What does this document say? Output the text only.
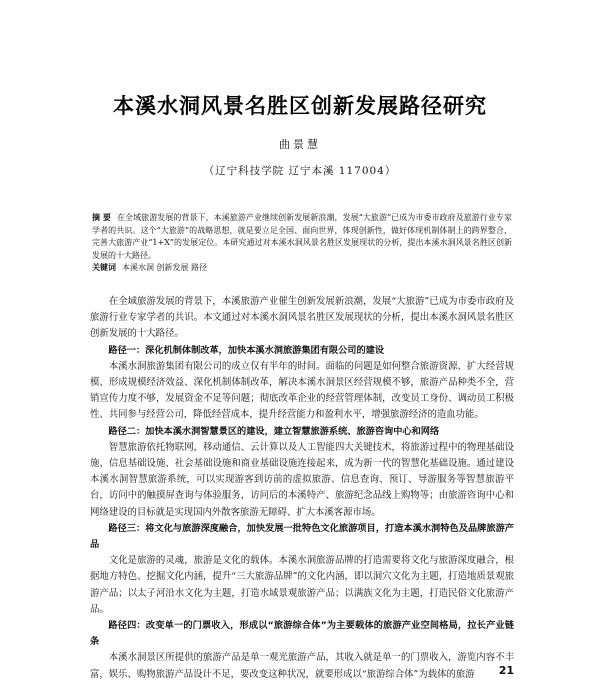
本溪水洞风景名胜区创新发展路径研究
曲景慧
（辽宁科技学院 辽宁本溪 117004）
摘 要 在全域旅游发展的背景下，本溪旅游产业继续创新发展新浪潮，发展“大旅游”已成为市委市政府及旅游行业专家学者的共识。这个“大旅游”的战略思想，就是要立足全国、面向世界，体现创新性，做好体现机制体制上的跨界整合，完善大旅游产业“1+X”的发展定位。本研究通过对本溪水洞风景名胜区发展现状的分析，提出本溪水洞风景名胜区创新发展的十大路径。
关键词 本溪水洞 创新发展 路径

在全域旅游发展的背景下，本溪旅游产业催生创新发展新浪潮，发展“大旅游”已成为市委市政府及旅游行业专家学者的共识。本文通过对本溪水洞风景名胜区发展现状的分析，提出本溪水洞风景名胜区创新发展的十大路径。

路径一：深化机制体制改革，加快本溪水洞旅游集团有限公司的建设

本溪水洞旅游集团有限公司的成立仅有半年的时间。面临的问题是如何整合旅游资源、扩大经营规模、形成规模经济效益、深化机制体制改革，解决本溪水洞景区经营规模不够，旅游产品种类不全，营销宣传力度不够，发展资金不足等问题；彻底改革企业的经营管理体制，改变员工身份、调动员工积极性、共同参与经营公司，降低经营成本，提升经营能力和盈利水平，增强旅游经济的造血功能。

路径二：加快本溪水洞智慧景区的建设，建立智慧旅游系统、旅游咨询中心和网络

智慧旅游依托物联网，移动通信、云计算以及人工智能四大关键技术，将旅游过程中的物理基础设施、信息基础设施、社会基础设施和商业基础设施连接起来，成为新一代的智慧化基础设施。通过建设本溪水洞智慧旅游系统，可以实现游客到访前的虚拟旅游、信息查询、预订、导游服务等智慧旅游平台，访问中的触摸屏查询与体验服务，访问后的本溪特产、旅游纪念品线上购物等；由旅游咨询中心和网络建设的目标就是实现国内外散客旅游无障碍、扩大本溪客源市场。

路径三：将文化与旅游深度融合，加快发展一批特色文化旅游项目，打造本溪水洞特色及品牌旅游产品

文化是旅游的灵魂，旅游是文化的载体。本溪水洞旅游品牌的打造需要将文化与旅游深度融合，根据地方特色、挖掘文化内涵，提升“三大旅游品牌”的文化内涵，即以洞穴文化为主题，打造地质景观旅游产品；以太子河沿水文化为主题，打造水域景观旅游产品；以满族文化为主题，打造民俗文化旅游产品。

路径四：改变单一的门票收入，形成以“旅游综合体”为主要载体的旅游产业空间格局，拉长产业链条

本溪水洞景区所提供的旅游产品是单一观光旅游产品，其收入就是单一的门票收入，游览内容不丰富，娱乐、购物旅游产品设计不足，要改变这种状况，就要形成以“旅游综合体”为载体的旅游	21
